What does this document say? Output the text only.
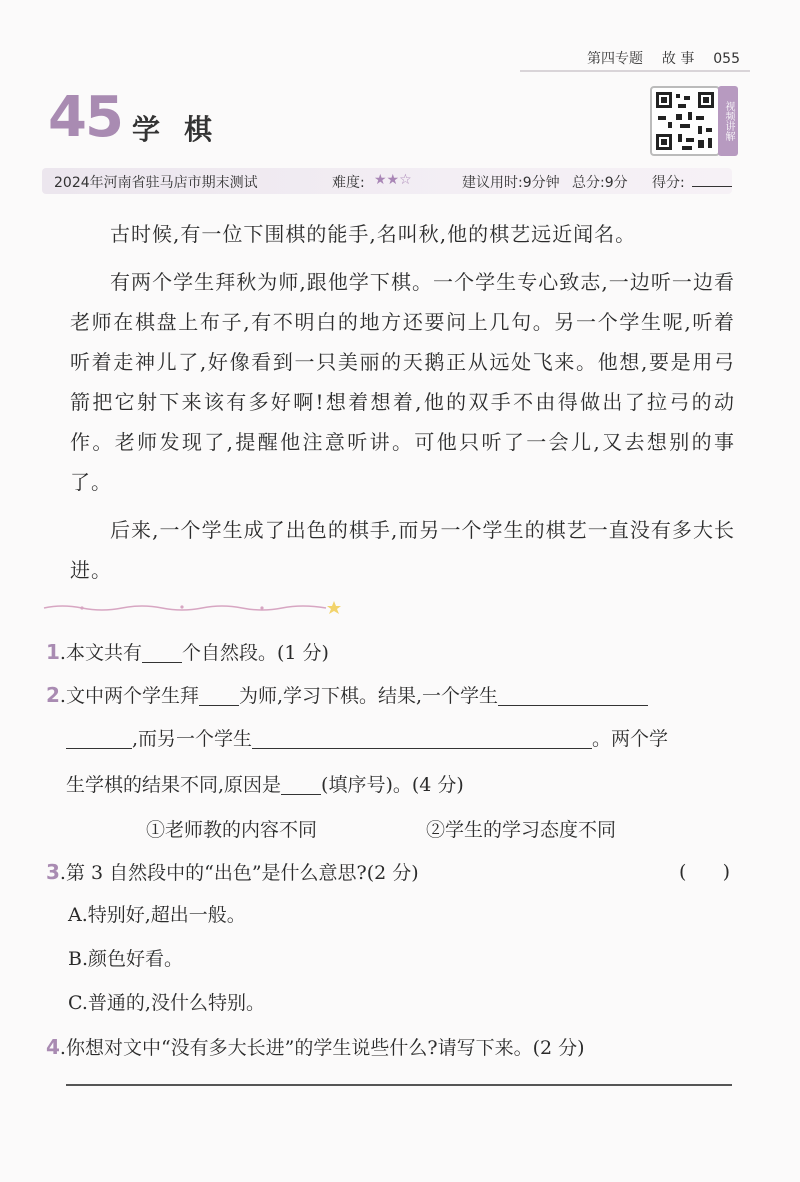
第四专题 故 事 055
45 学棋	视频讲解
2024年河南省驻马店市期末测试	难度: ★★☆	建议用时:9分钟 总分:9分 得分:

古时候,有一位下围棋的能手,名叫秋,他的棋艺远近闻名。

有两个学生拜秋为师,跟他学下棋。一个学生专心致志,一边听一边看老师在棋盘上布子,有不明白的地方还要问上几句。另一个学生呢,听着听着走神儿了,好像看到一只美丽的天鹅正从远处飞来。他想,要是用弓箭把它射下来该有多好啊!想着想着,他的双手不由得做出了拉弓的动作。老师发现了,提醒他注意听讲。可他只听了一会儿,又去想别的事了。

后来,一个学生成了出色的棋手,而另一个学生的棋艺一直没有多大长进。

1.本文共有 个自然段。(1 分)
2.文中两个学生拜 为师,学习下棋。结果,一个学生
,而另一个学生	。两个学
生学棋的结果不同,原因是 (填序号)。(4 分)
①老师教的内容不同	②学生的学习态度不同
3.第 3 自然段中的“出色”是什么意思?(2 分)	(      )
A.特别好,超出一般。
B.颜色好看。
C.普通的,没什么特别。
4.你想对文中“没有多大长进”的学生说些什么?请写下来。(2 分)
